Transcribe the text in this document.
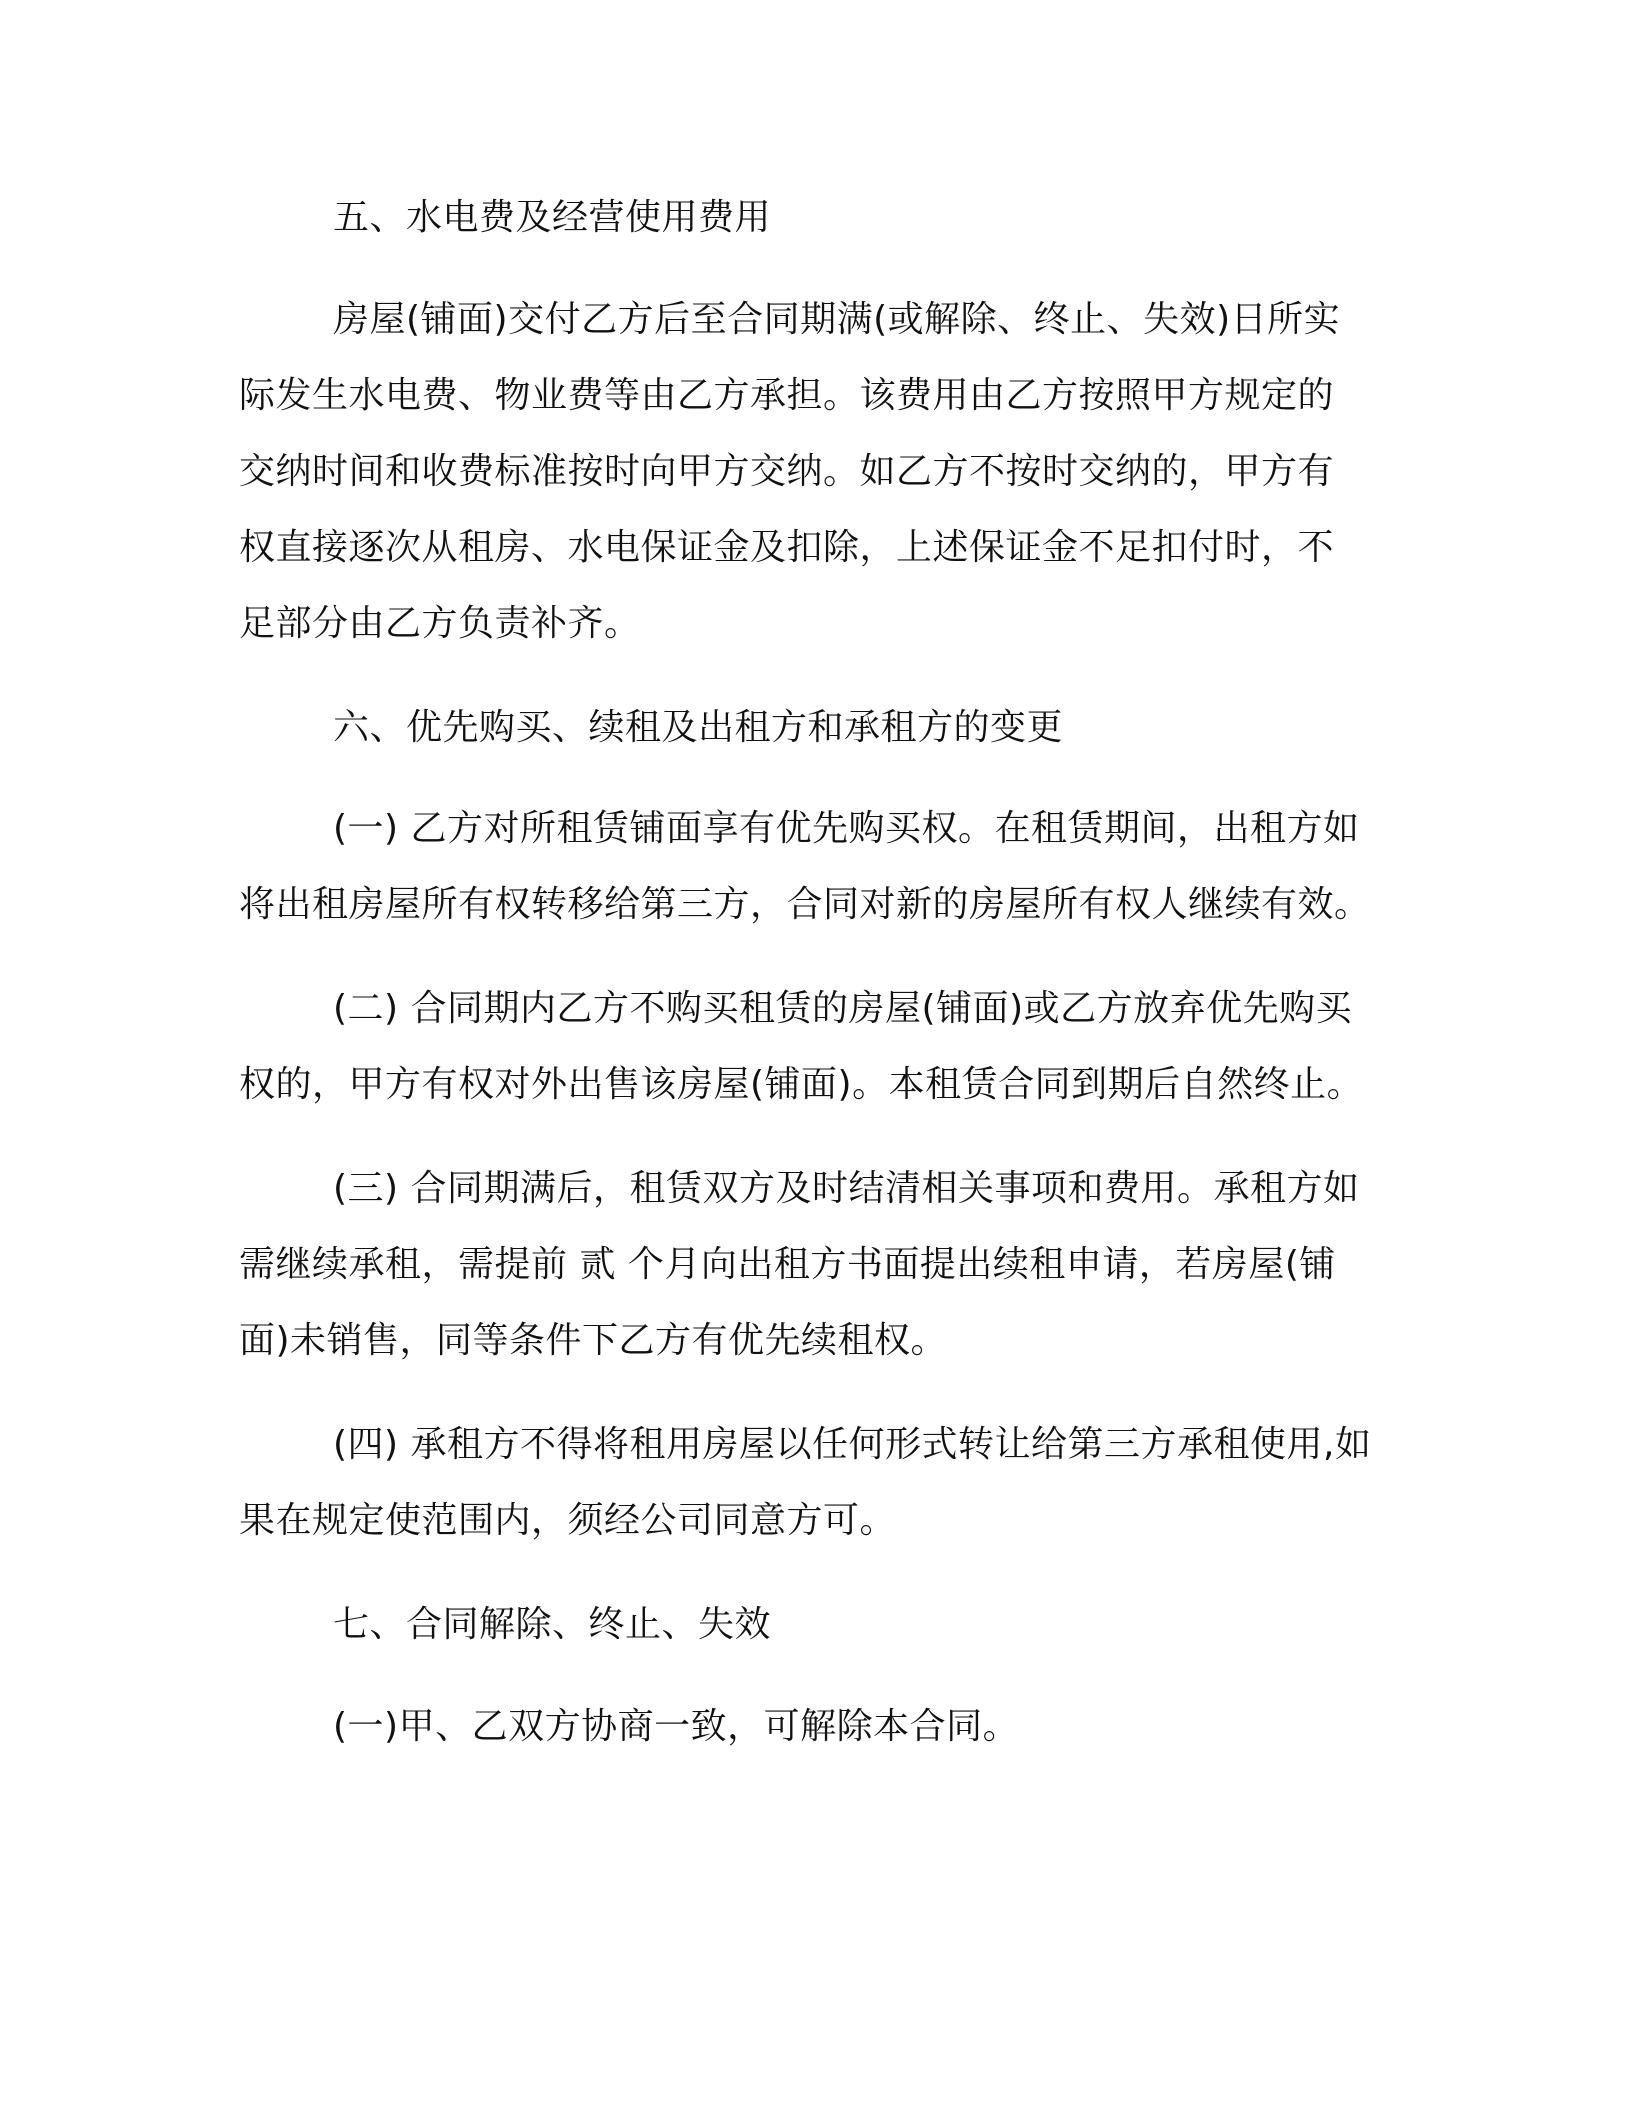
五、水电费及经营使用费用

房屋(铺面)交付乙方后至合同期满(或解除、终止、失效)日所实

际发生水电费、物业费等由乙方承担。该费用由乙方按照甲方规定的

交纳时间和收费标准按时向甲方交纳。如乙方不按时交纳的，甲方有

权直接逐次从租房、水电保证金及扣除，上述保证金不足扣付时，不

足部分由乙方负责补齐。

六、优先购买、续租及出租方和承租方的变更

(一) 乙方对所租赁铺面享有优先购买权。在租赁期间，出租方如

将出租房屋所有权转移给第三方，合同对新的房屋所有权人继续有效。

(二) 合同期内乙方不购买租赁的房屋(铺面)或乙方放弃优先购买

权的，甲方有权对外出售该房屋(铺面)。本租赁合同到期后自然终止。

(三) 合同期满后，租赁双方及时结清相关事项和费用。承租方如

需继续承租，需提前 贰 个月向出租方书面提出续租申请，若房屋(铺

面)未销售，同等条件下乙方有优先续租权。

(四) 承租方不得将租用房屋以任何形式转让给第三方承租使用,如

果在规定使范围内，须经公司同意方可。

七、合同解除、终止、失效

(一)甲、乙双方协商一致，可解除本合同。
